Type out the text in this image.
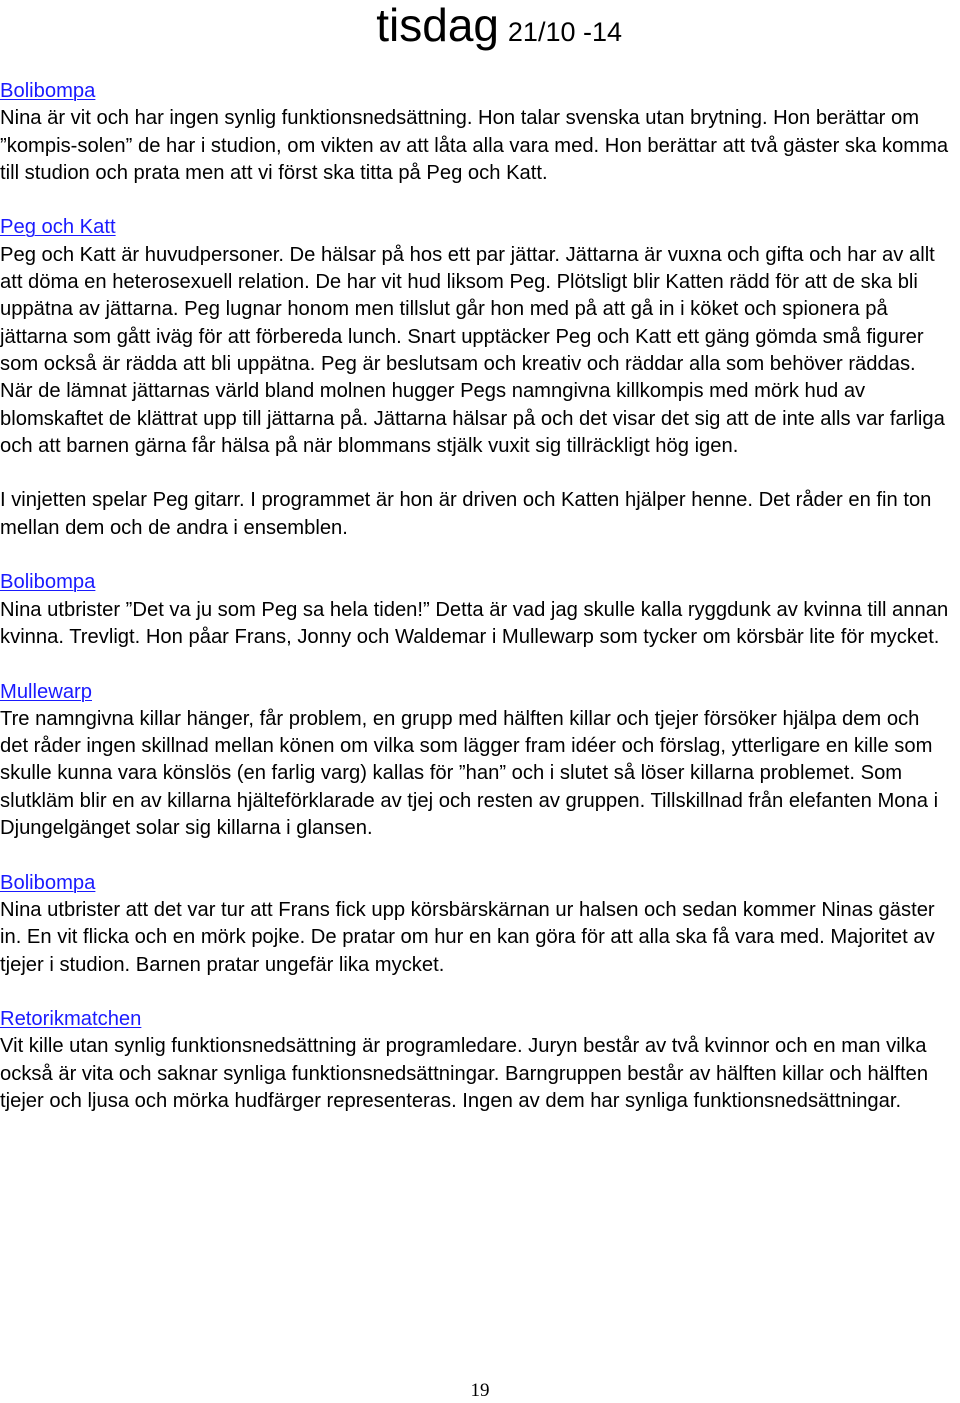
tisdag 21/10 -14
Bolibompa

Nina är vit och har ingen synlig funktionsnedsättning. Hon talar svenska utan brytning. Hon berättar om ”kompis-solen” de har i studion, om vikten av att låta alla vara med. Hon berättar att två gäster ska komma till studion och prata men att vi först ska titta på Peg och Katt.

Peg och Katt

Peg och Katt är huvudpersoner. De hälsar på hos ett par jättar. Jättarna är vuxna och gifta och har av allt att döma en heterosexuell relation. De har vit hud liksom Peg. Plötsligt blir Katten rädd för att de ska bli uppätna av jättarna. Peg lugnar honom men tillslut går hon med på att gå in i köket och spionera på jättarna som gått iväg för att förbereda lunch. Snart upptäcker Peg och Katt ett gäng gömda små figurer som också är rädda att bli uppätna. Peg är beslutsam och kreativ och räddar alla som behöver räddas. När de lämnat jättarnas värld bland molnen hugger Pegs namngivna killkompis med mörk hud av blomskaftet de klättrat upp till jättarna på. Jättarna hälsar på och det visar det sig att de inte alls var farliga och att barnen gärna får hälsa på när blommans stjälk vuxit sig tillräckligt hög igen.

I vinjetten spelar Peg gitarr. I programmet är hon är driven och Katten hjälper henne. Det råder en fin ton mellan dem och de andra i ensemblen.

Bolibompa

Nina utbrister ”Det va ju som Peg sa hela tiden!” Detta är vad jag skulle kalla ryggdunk av kvinna till annan kvinna. Trevligt. Hon påar Frans, Jonny och Waldemar i Mullewarp som tycker om körsbär lite för mycket.

Mullewarp

Tre namngivna killar hänger, får problem, en grupp med hälften killar och tjejer försöker hjälpa dem och det råder ingen skillnad mellan könen om vilka som lägger fram idéer och förslag, ytterligare en kille som skulle kunna vara könslös (en farlig varg) kallas för ”han” och i slutet så löser killarna problemet. Som slutkläm blir en av killarna hjälteförklarade av tjej och resten av gruppen. Tillskillnad från elefanten Mona i Djungelgänget solar sig killarna i glansen.

Bolibompa

Nina utbrister att det var tur att Frans fick upp körsbärskärnan ur halsen och sedan kommer Ninas gäster in. En vit flicka och en mörk pojke. De pratar om hur en kan göra för att alla ska få vara med. Majoritet av tjejer i studion. Barnen pratar ungefär lika mycket.

Retorikmatchen

Vit kille utan synlig funktionsnedsättning är programledare. Juryn består av två kvinnor och en man vilka också är vita och saknar synliga funktionsnedsättningar. Barngruppen består av hälften killar och hälften tjejer och ljusa och mörka hudfärger representeras. Ingen av dem har synliga funktionsnedsättningar.

19
